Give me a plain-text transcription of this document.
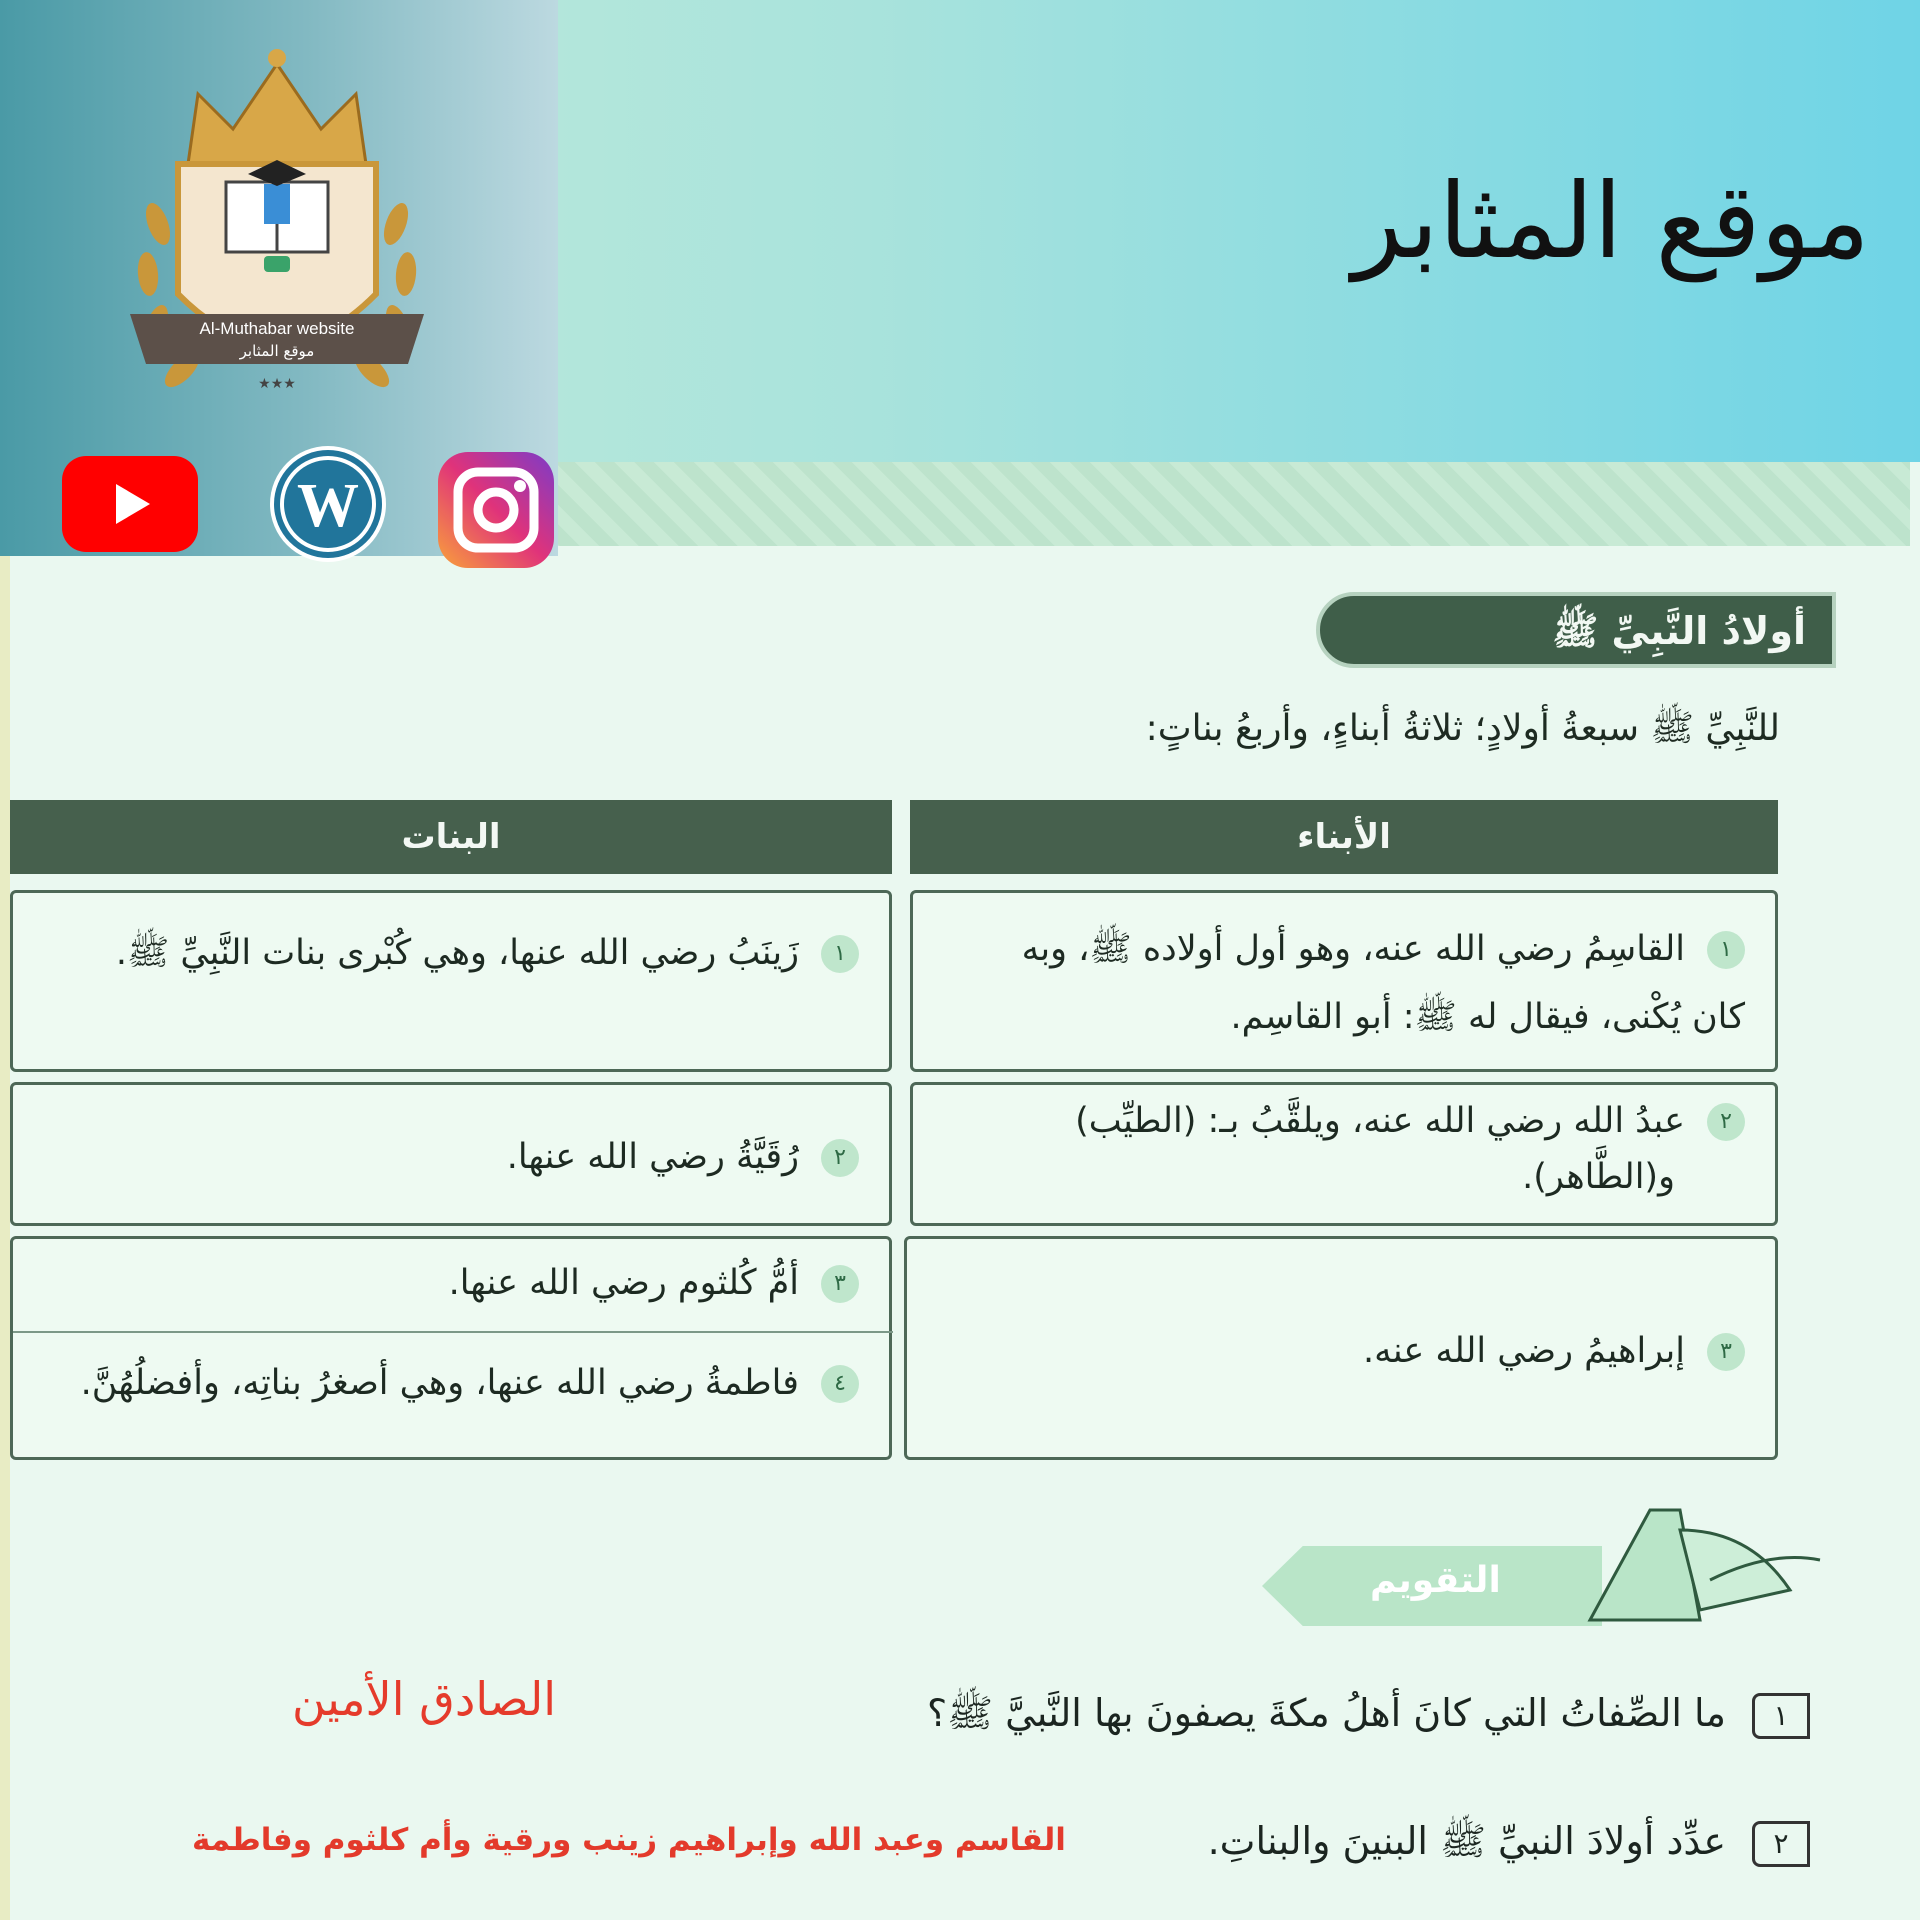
Al-Muthabar website
موقع المثابر
★★★
W
موقع المثابر
أولادُ النَّبِيِّ ﷺ
للنَّبِيِّ ﷺ سبعةُ أولادٍ؛ ثلاثةُ أبناءٍ، وأربعُ بناتٍ:
الأبناء
البنات
١القاسِمُ رضي الله عنه، وهو أول أولاده ﷺ، وبه
كان يُكْنى، فيقال له ﷺ: أبو القاسِم.
٢عبدُ الله رضي الله عنه، ويلقَّبُ بـ: (الطيِّب)
و(الطَّاهر).
٣إبراهيمُ رضي الله عنه.
١زَينَبُ رضي الله عنها، وهي كُبْرى بنات النَّبِيِّ ﷺ.
٢رُقَيَّةُ رضي الله عنها.
٣أمُّ كُلثوم رضي الله عنها.
٤فاطمةُ رضي الله عنها، وهي أصغرُ بناتِه، وأفضلُهُنَّ.
التقويم
١ما الصِّفاتُ التي كانَ أهلُ مكةَ يصفونَ بها النَّبيَّ ﷺ؟
الصادق الأمين
٢عدِّد أولادَ النبيِّ ﷺ البنينَ والبناتِ.
القاسم وعبد الله وإبراهيم زينب ورقية وأم كلثوم وفاطمة
